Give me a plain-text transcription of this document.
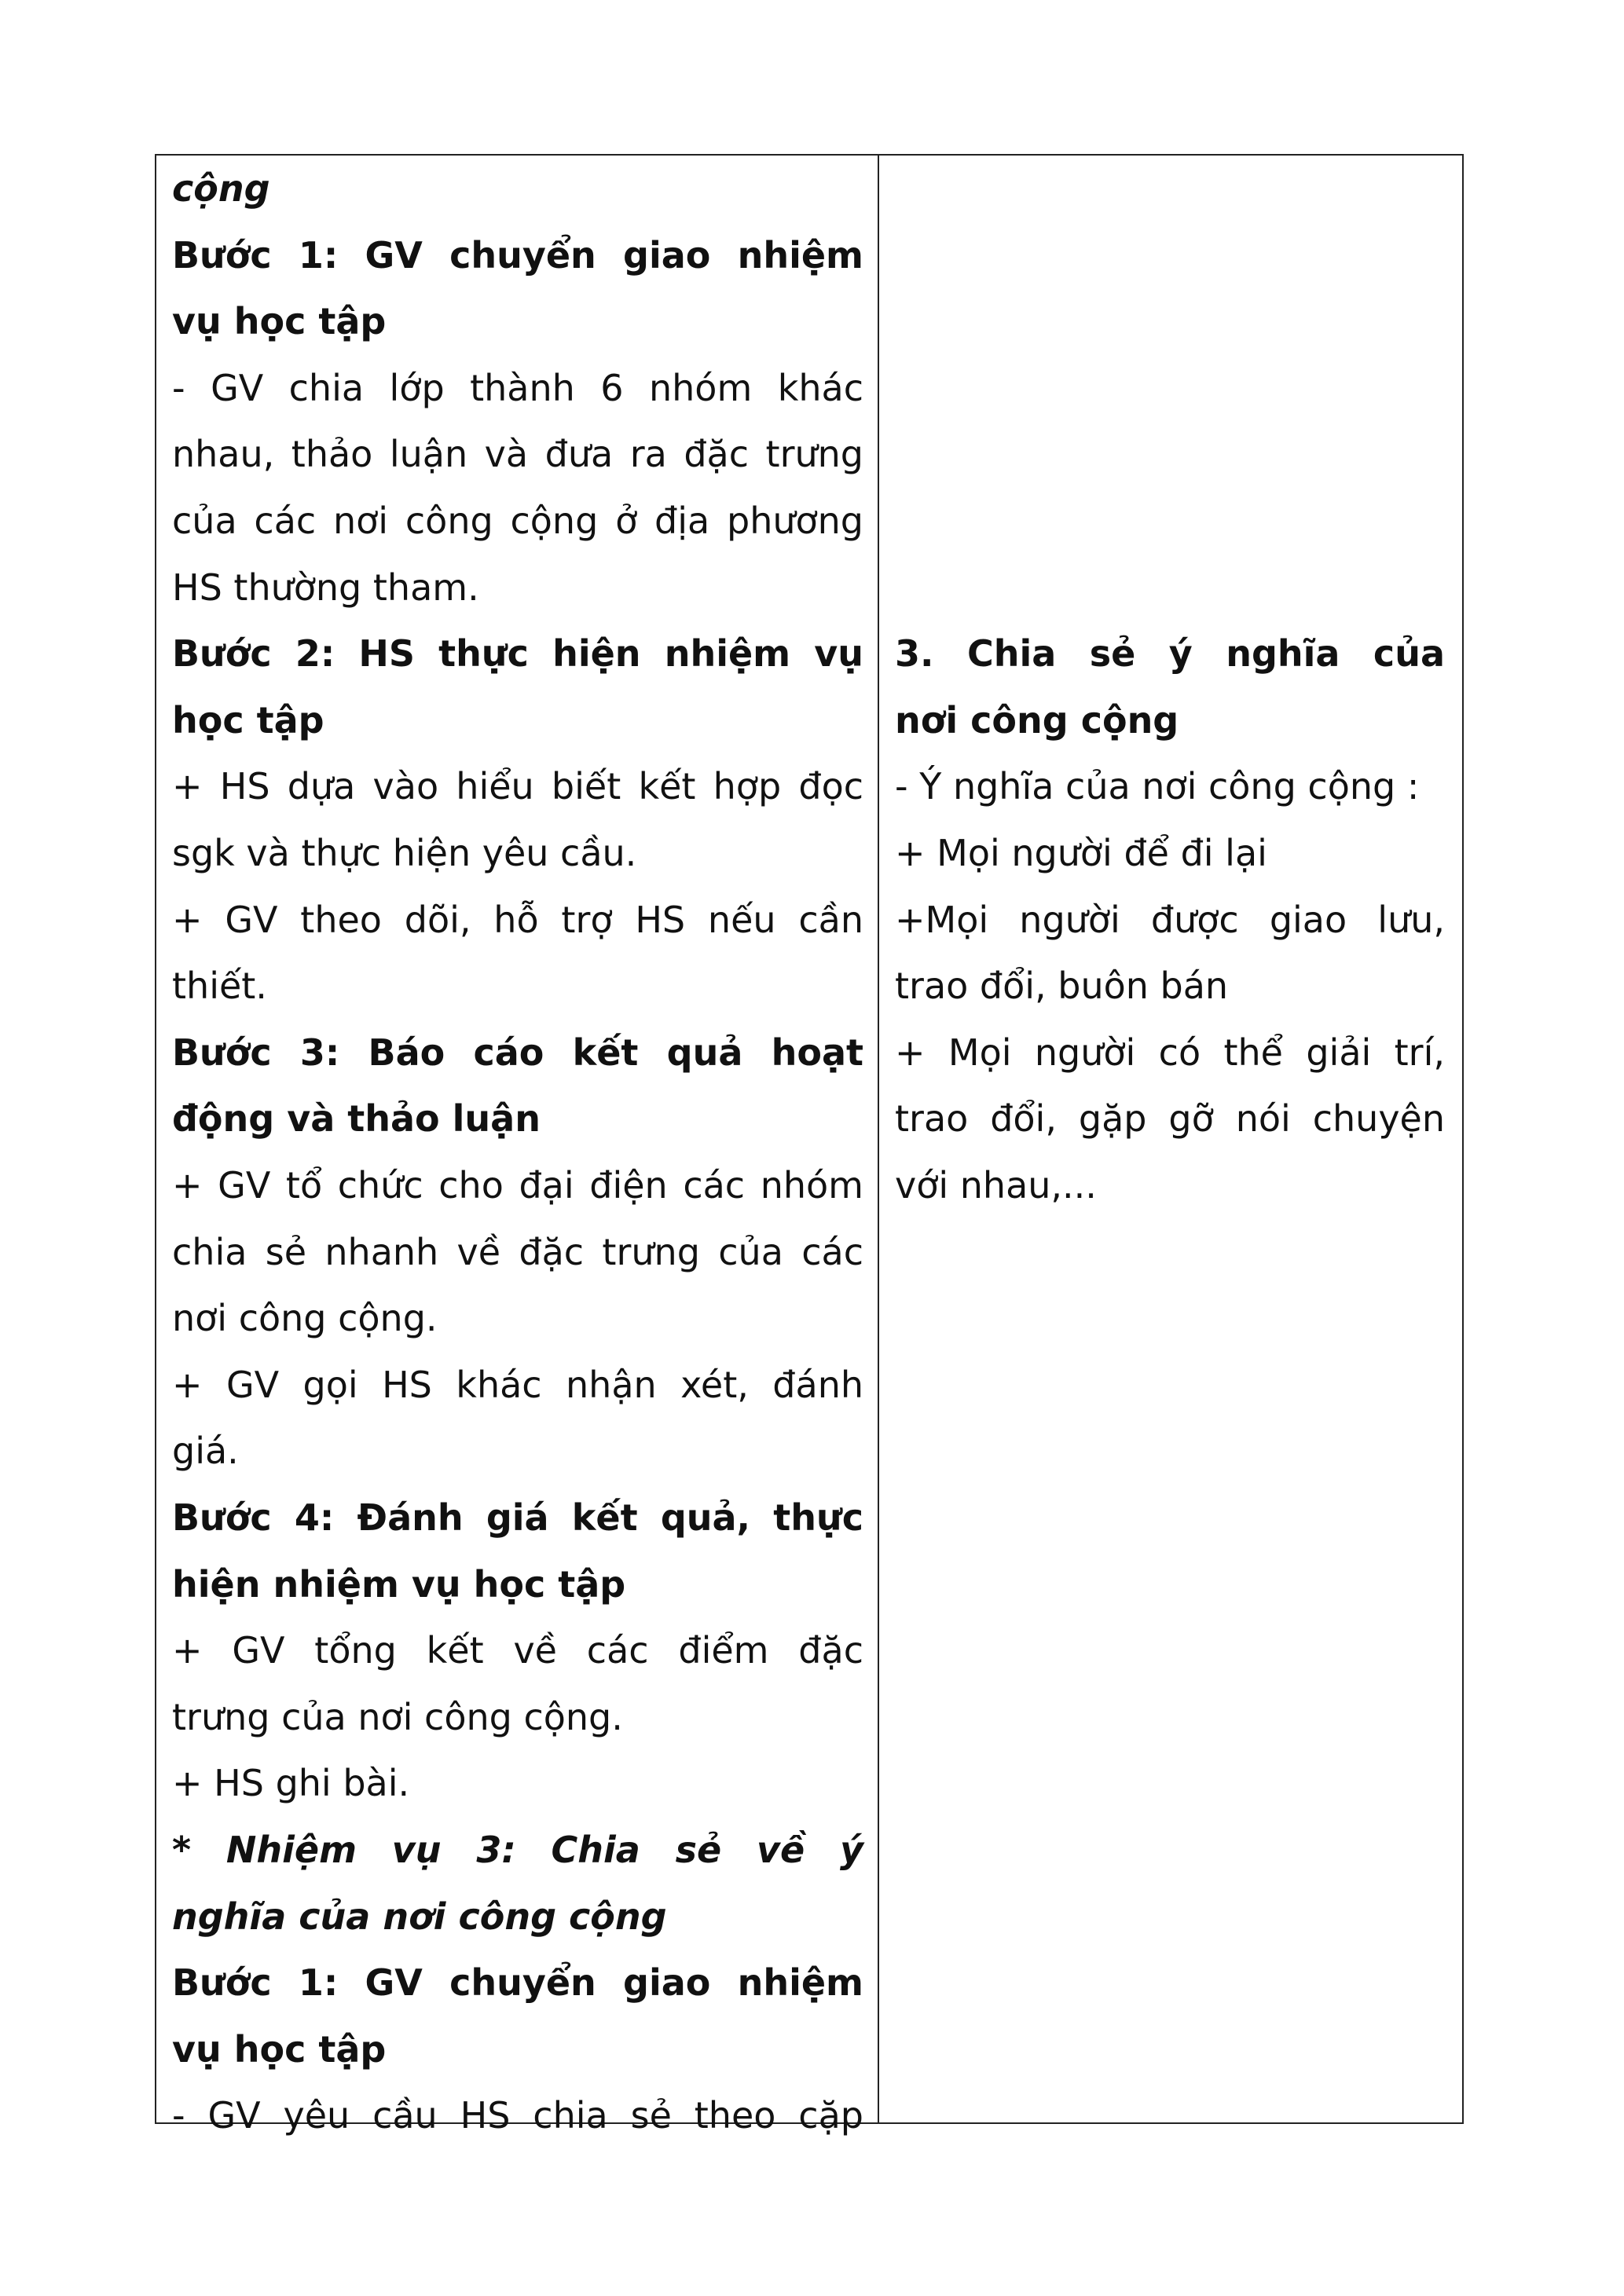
cộng
Bước 1: GV chuyển giao nhiệm
vụ học tập
- GV chia lớp thành 6 nhóm khác
nhau, thảo luận và đưa ra đặc trưng
của các nơi công cộng ở địa phương
HS thường tham.
Bước 2: HS thực hiện nhiệm vụ
học tập
+ HS dựa vào hiểu biết kết hợp đọc
sgk và thực hiện yêu cầu.
+ GV theo dõi, hỗ trợ HS nếu cần
thiết.
Bước 3: Báo cáo kết quả hoạt
động và thảo luận
+ GV tổ chức cho đại điện các nhóm
chia sẻ nhanh về đặc trưng của các
nơi công cộng.
+ GV gọi HS khác nhận xét, đánh
giá.
Bước 4: Đánh giá kết quả, thực
hiện nhiệm vụ học tập
+ GV tổng kết về các điểm đặc
trưng của nơi công cộng.
+ HS ghi bài.
* Nhiệm vụ 3: Chia sẻ về ý
nghĩa của nơi công cộng
Bước 1: GV chuyển giao nhiệm
vụ học tập
- GV yêu cầu HS chia sẻ theo cặp
3. Chia sẻ ý nghĩa của
nơi công cộng
- Ý nghĩa của nơi công cộng :
+ Mọi người để đi lại
+Mọi người được giao lưu,
trao đổi, buôn bán
+ Mọi người có thể giải trí,
trao đổi, gặp gỡ nói chuyện
với nhau,...
